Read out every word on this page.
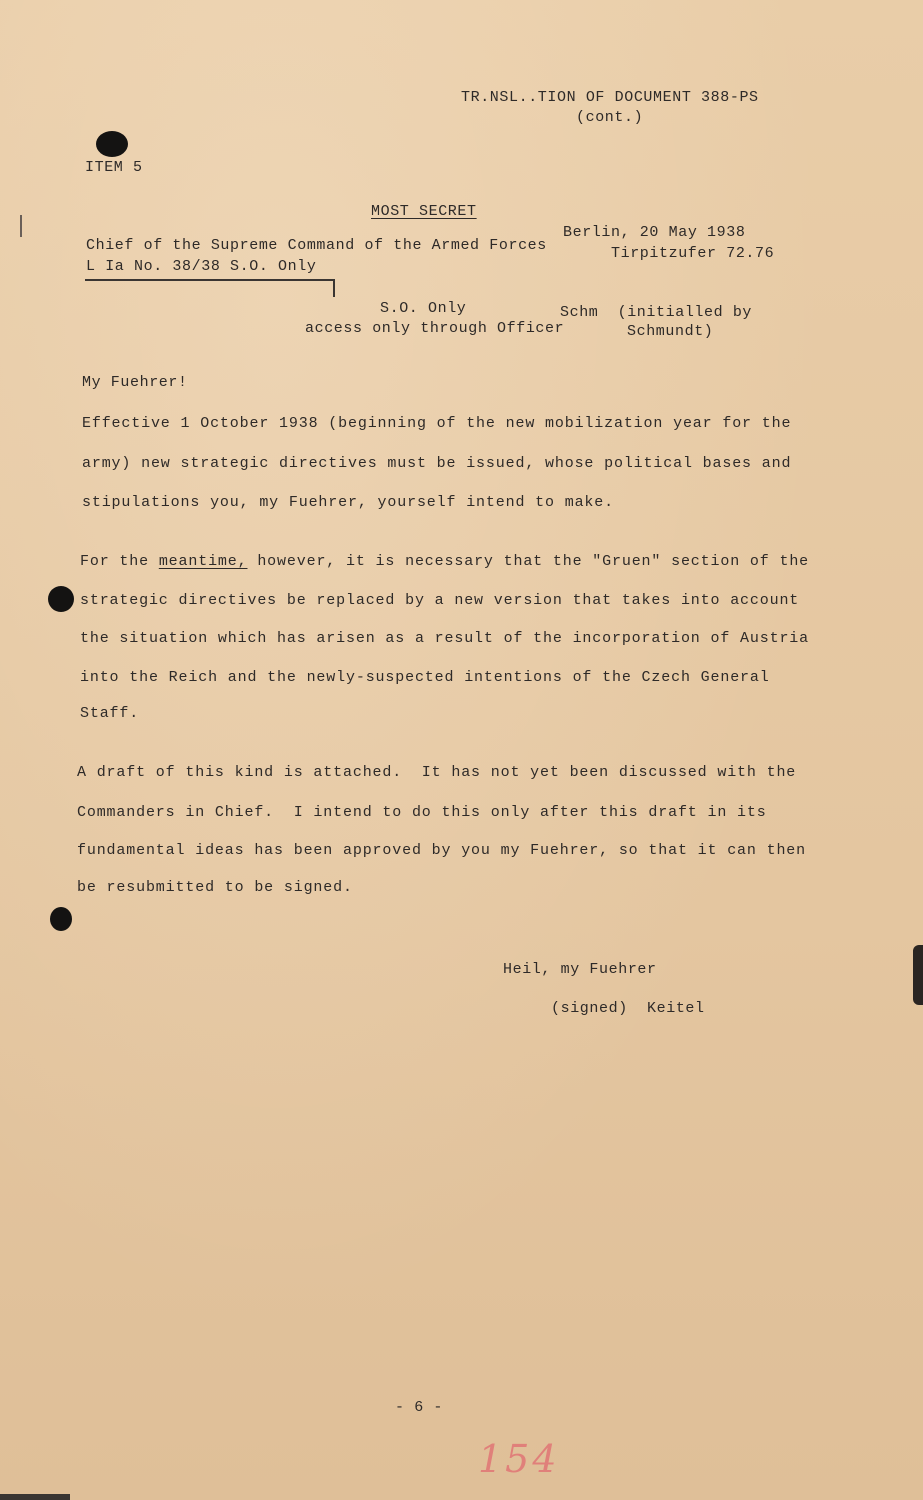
TR.NSL..TION OF DOCUMENT 388-PS
(cont.)
ITEM 5
MOST SECRET
Chief of the Supreme Command of the Armed Forces
L Ia No. 38/38 S.O. Only
Berlin, 20 May 1938
Tirpitzufer 72.76
S.O. Only
access only through Officer
Schm  (initialled by
Schmundt)
My Fuehrer!
Effective 1 October 1938 (beginning of the new mobilization year for the
army) new strategic directives must be issued, whose political bases and
stipulations you, my Fuehrer, yourself intend to make.
For the meantime, however, it is necessary that the "Gruen" section of the
strategic directives be replaced by a new version that takes into account
the situation which has arisen as a result of the incorporation of Austria
into the Reich and the newly-suspected intentions of the Czech General
Staff.
A draft of this kind is attached.  It has not yet been discussed with the
Commanders in Chief.  I intend to do this only after this draft in its
fundamental ideas has been approved by you my Fuehrer, so that it can then
be resubmitted to be signed.
Heil, my Fuehrer
(signed)  Keitel
- 6 -
154
